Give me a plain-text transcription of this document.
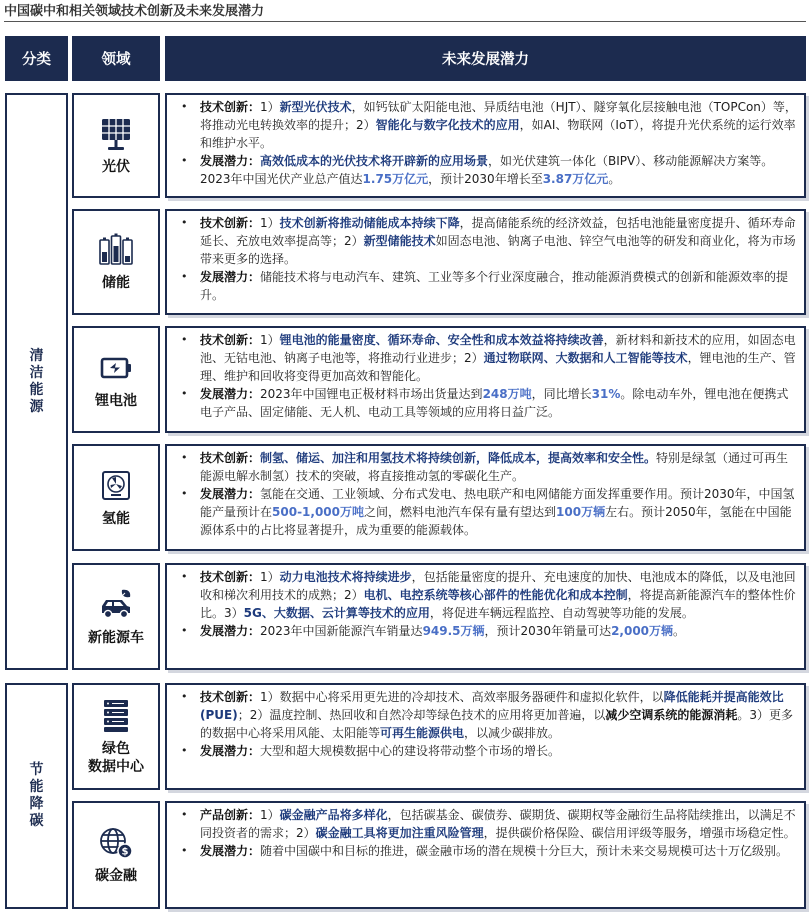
中国碳中和相关领域技术创新及未来发展潜力
分类	领域	未来发展潜力
清洁能源
节能降碳
光伏
• 技术创新：1）新型光伏技术，如钙钛矿太阳能电池、异质结电池（HJT）、隧穿氧化层接触电池（TOPCon）等，将推动光电转换效率的提升；2）智能化与数字化技术的应用，如AI、物联网（IoT），将提升光伏系统的运行效率和维护水平。
• 发展潜力：高效低成本的光伏技术将开辟新的应用场景，如光伏建筑一体化（BIPV）、移动能源解决方案等。2023年中国光伏产业总产值达1.75万亿元，预计2030年增长至3.87万亿元。
储能
• 技术创新：1）技术创新将推动储能成本持续下降，提高储能系统的经济效益，包括电池能量密度提升、循环寿命延长、充放电效率提高等；2）新型储能技术如固态电池、钠离子电池、锌空气电池等的研发和商业化，将为市场带来更多的选择。
• 发展潜力：储能技术将与电动汽车、建筑、工业等多个行业深度融合，推动能源消费模式的创新和能源效率的提升。
锂电池
• 技术创新：1）锂电池的能量密度、循环寿命、安全性和成本效益将持续改善，新材料和新技术的应用，如固态电池、无钴电池、钠离子电池等，将推动行业进步；2）通过物联网、大数据和人工智能等技术，锂电池的生产、管理、维护和回收将变得更加高效和智能化。
• 发展潜力：2023年中国锂电正极材料市场出货量达到248万吨，同比增长31%。除电动车外，锂电池在便携式电子产品、固定储能、无人机、电动工具等领域的应用将日益广泛。
氢能
• 技术创新：制氢、储运、加注和用氢技术将持续创新，降低成本，提高效率和安全性。特别是绿氢（通过可再生能源电解水制氢）技术的突破，将直接推动氢的零碳化生产。
• 发展潜力：氢能在交通、工业领域、分布式发电、热电联产和电网储能方面发挥重要作用。预计2030年，中国氢能产量预计在500-1,000万吨之间，燃料电池汽车保有量有望达到100万辆左右。预计2050年，氢能在中国能源体系中的占比将显著提升，成为重要的能源载体。
新能源车
• 技术创新：1）动力电池技术将持续进步，包括能量密度的提升、充电速度的加快、电池成本的降低，以及电池回收和梯次利用技术的成熟；2）电机、电控系统等核心部件的性能优化和成本控制，将提高新能源汽车的整体性价比。3）5G、大数据、云计算等技术的应用，将促进车辆远程监控、自动驾驶等功能的发展。
• 发展潜力：2023年中国新能源汽车销量达949.5万辆，预计2030年销量可达2,000万辆。
绿色
数据中心
• 技术创新：1）数据中心将采用更先进的冷却技术、高效率服务器硬件和虚拟化软件，以降低能耗并提高能效比(PUE)；2）温度控制、热回收和自然冷却等绿色技术的应用将更加普遍，以减少空调系统的能源消耗。3）更多的数据中心将采用风能、太阳能等可再生能源供电，以减少碳排放。
• 发展潜力：大型和超大规模数据中心的建设将带动整个市场的增长。
$
碳金融
• 产品创新：1）碳金融产品将多样化，包括碳基金、碳债券、碳期货、碳期权等金融衍生品将陆续推出，以满足不同投资者的需求；2）碳金融工具将更加注重风险管理，提供碳价格保险、碳信用评级等服务，增强市场稳定性。
• 发展潜力：随着中国碳中和目标的推进，碳金融市场的潜在规模十分巨大，预计未来交易规模可达十万亿级别。
